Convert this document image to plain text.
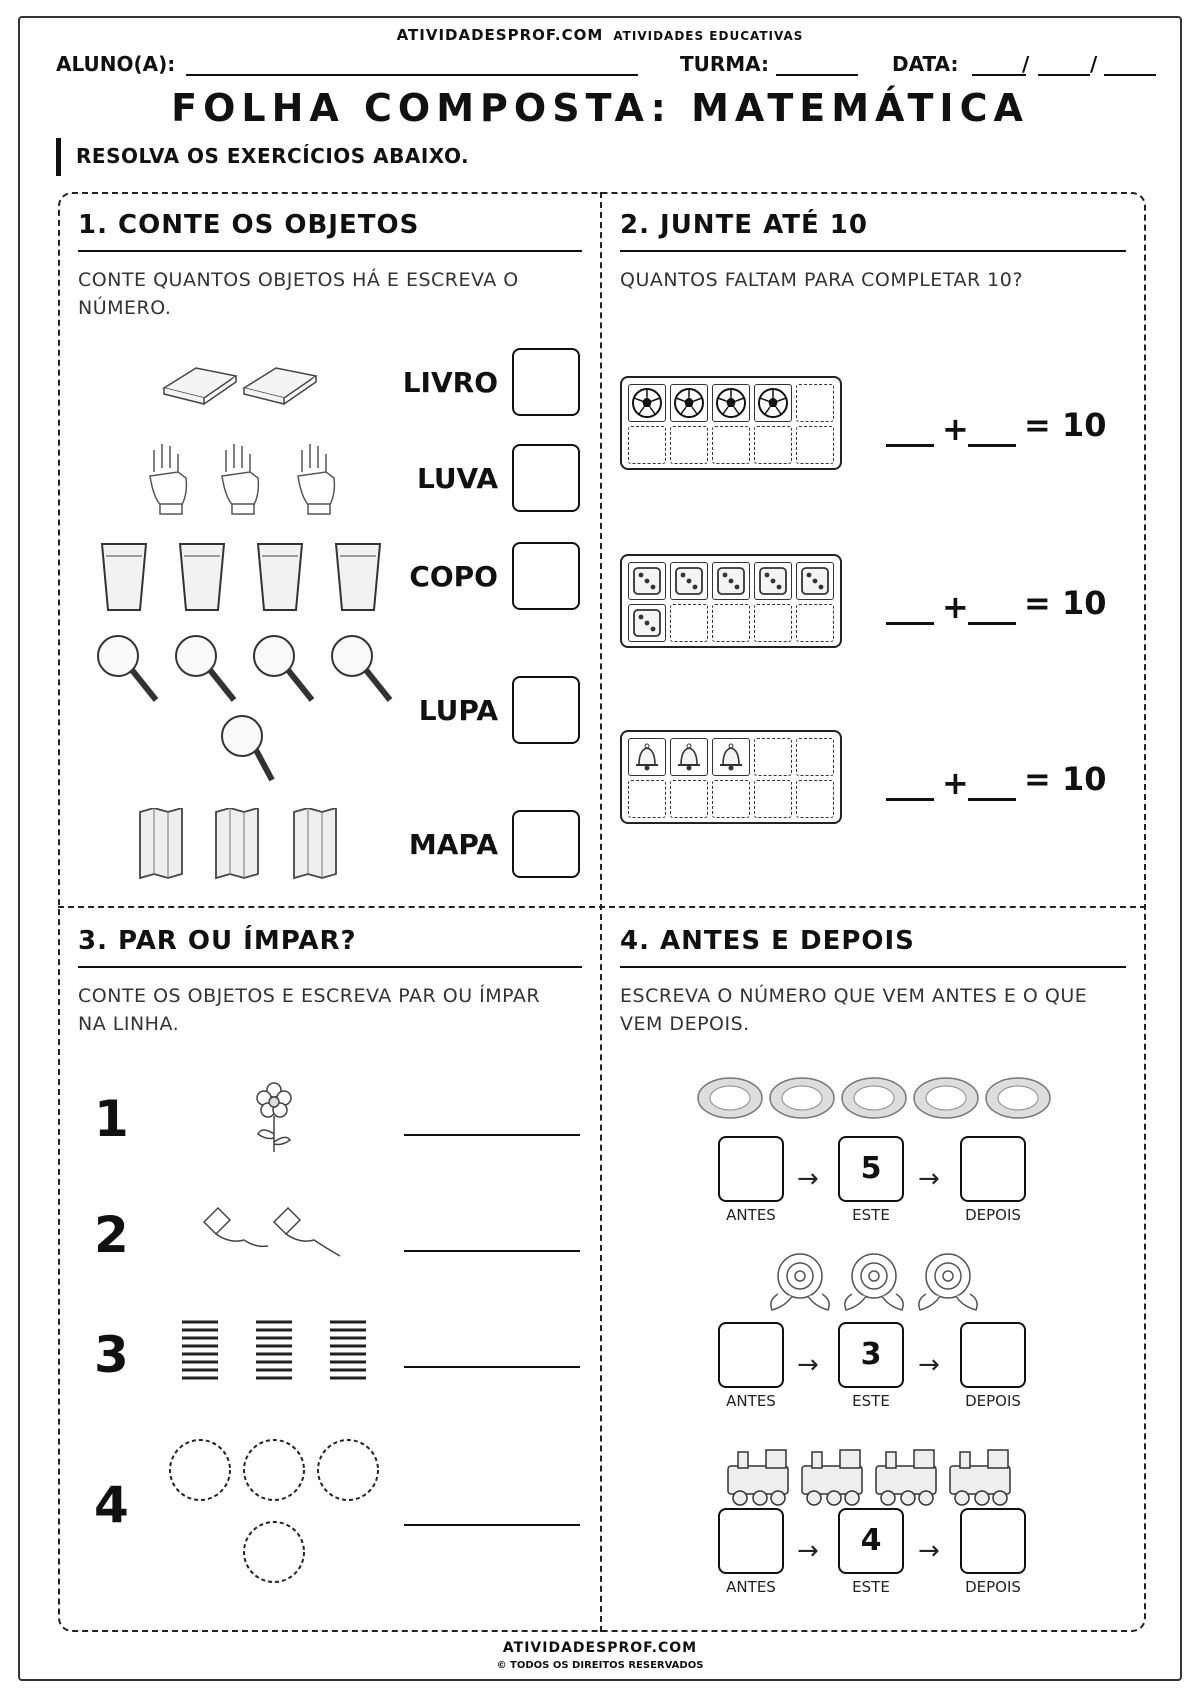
ATIVIDADESPROF.COM ATIVIDADES EDUCATIVAS
ALUNO(A):	TURMA:	DATA:	/	/
FOLHA COMPOSTA: MATEMÁTICA
RESOLVA OS EXERCÍCIOS ABAIXO.
1. CONTE OS OBJETOS
CONTE QUANTOS OBJETOS HÁ E ESCREVA O
NÚMERO.
LIVRO
LUVA
COPO
LUPA
MAPA
2. JUNTE ATÉ 10
QUANTOS FALTAM PARA COMPLETAR 10?
+ = 10
+ = 10
+ = 10
3. PAR OU ÍMPAR?
CONTE OS OBJETOS E ESCREVA PAR OU ÍMPAR
NA LINHA.
1
2
3
4
4. ANTES E DEPOIS
ESCREVA O NÚMERO QUE VEM ANTES E O QUE
VEM DEPOIS.
→	5	→
ANTES	ESTE	DEPOIS
→	3	→
ANTES	ESTE	DEPOIS
→	4	→
ANTES	ESTE	DEPOIS
ATIVIDADESPROF.COM
© TODOS OS DIREITOS RESERVADOS
